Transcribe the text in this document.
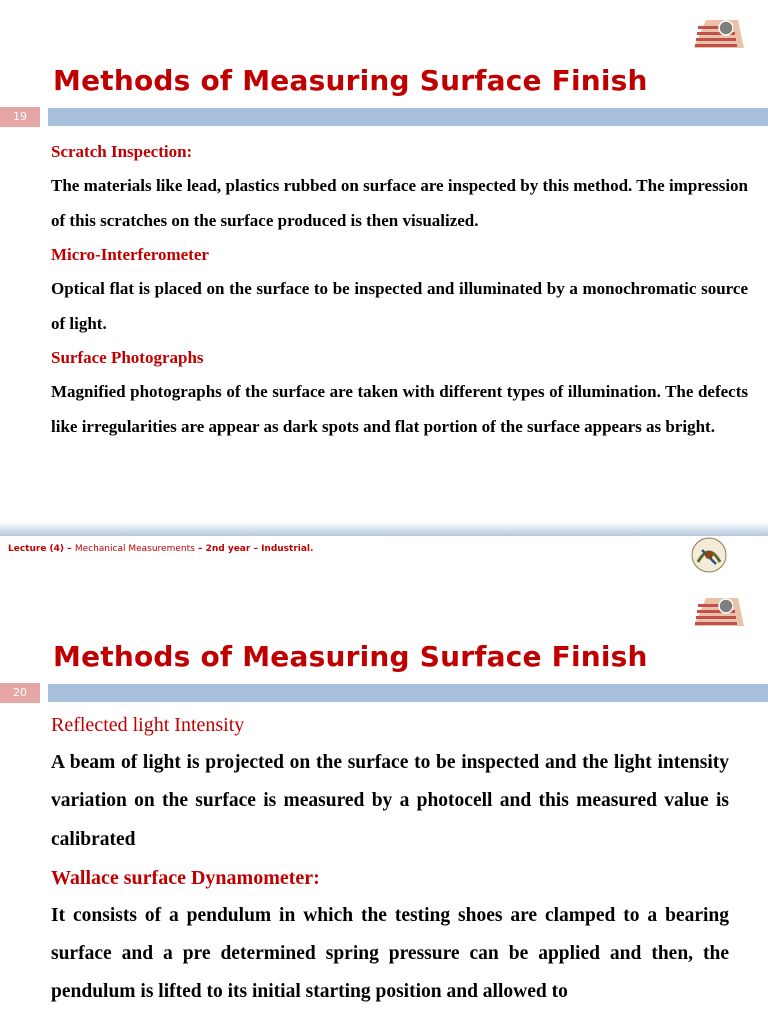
Methods of Measuring Surface Finish
19
Scratch Inspection:
The materials like lead, plastics rubbed on surface are inspected by this method. The impression of this scratches on the surface produced is then visualized.
Micro-Interferometer
Optical flat is placed on the surface to be inspected and illuminated by a monochromatic source of light.
Surface Photographs
Magnified photographs of the surface are taken with different types of illumination. The defects like irregularities are appear as dark spots and flat portion of the surface appears as bright.
Lecture (4) – Mechanical Measurements – 2nd year – Industrial.
Methods of Measuring Surface Finish
20
Reflected light Intensity
A beam of light is projected on the surface to be inspected and the light intensity variation on the surface is measured by a photocell and this measured value is calibrated
Wallace surface Dynamometer:
It consists of a pendulum in which the testing shoes are clamped to a bearing surface and a pre determined spring pressure can be applied and then, the pendulum is lifted to its initial starting position and allowed to
